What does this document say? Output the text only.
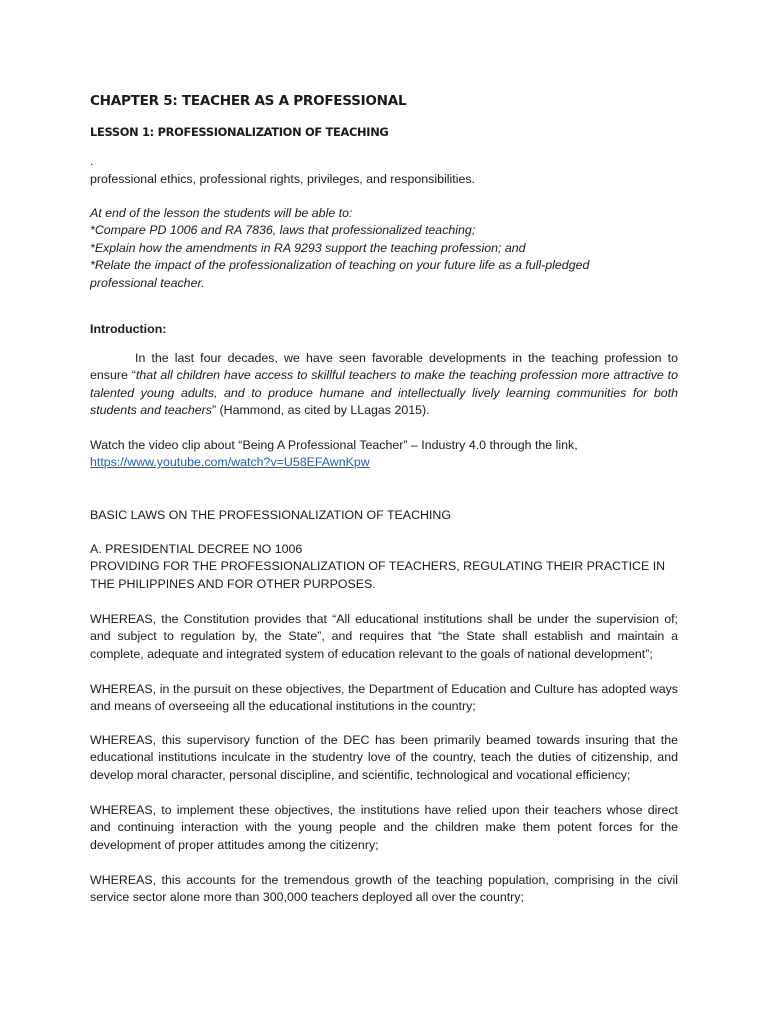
CHAPTER 5: TEACHER AS A PROFESSIONAL
LESSON 1: PROFESSIONALIZATION OF TEACHING

.

professional ethics, professional rights, privileges, and responsibilities.

At end of the lesson the students will be able to:

*Compare PD 1006 and RA 7836, laws that professionalized teaching;

*Explain how the amendments in RA 9293 support the teaching profession; and

*Relate the impact of the professionalization of teaching on your future life as a full-pledged professional teacher.

Introduction:

In the last four decades, we have seen favorable developments in the teaching profession to ensure “that all children have access to skillful teachers to make the teaching profession more attractive to talented young adults, and to produce humane and intellectually lively learning communities for both students and teachers” (Hammond, as cited by LLagas 2015).

Watch the video clip about “Being A Professional Teacher” – Industry 4.0 through the link,

https://www.youtube.com/watch?v=U58EFAwnKpw

BASIC LAWS ON THE PROFESSIONALIZATION OF TEACHING

A. PRESIDENTIAL DECREE NO 1006

PROVIDING FOR THE PROFESSIONALIZATION OF TEACHERS, REGULATING THEIR PRACTICE IN THE PHILIPPINES AND FOR OTHER PURPOSES.

WHEREAS, the Constitution provides that “All educational institutions shall be under the supervision of; and subject to regulation by, the State”, and requires that “the State shall establish and maintain a complete, adequate and integrated system of education relevant to the goals of national development”;

WHEREAS, in the pursuit on these objectives, the Department of Education and Culture has adopted ways and means of overseeing all the educational institutions in the country;

WHEREAS, this supervisory function of the DEC has been primarily beamed towards insuring that the educational institutions inculcate in the studentry love of the country, teach the duties of citizenship, and develop moral character, personal discipline, and scientific, technological and vocational efficiency;

WHEREAS, to implement these objectives, the institutions have relied upon their teachers whose direct and continuing interaction with the young people and the children make them potent forces for the development of proper attitudes among the citizenry;

WHEREAS, this accounts for the tremendous growth of the teaching population, comprising in the civil service sector alone more than 300,000 teachers deployed all over the country;
